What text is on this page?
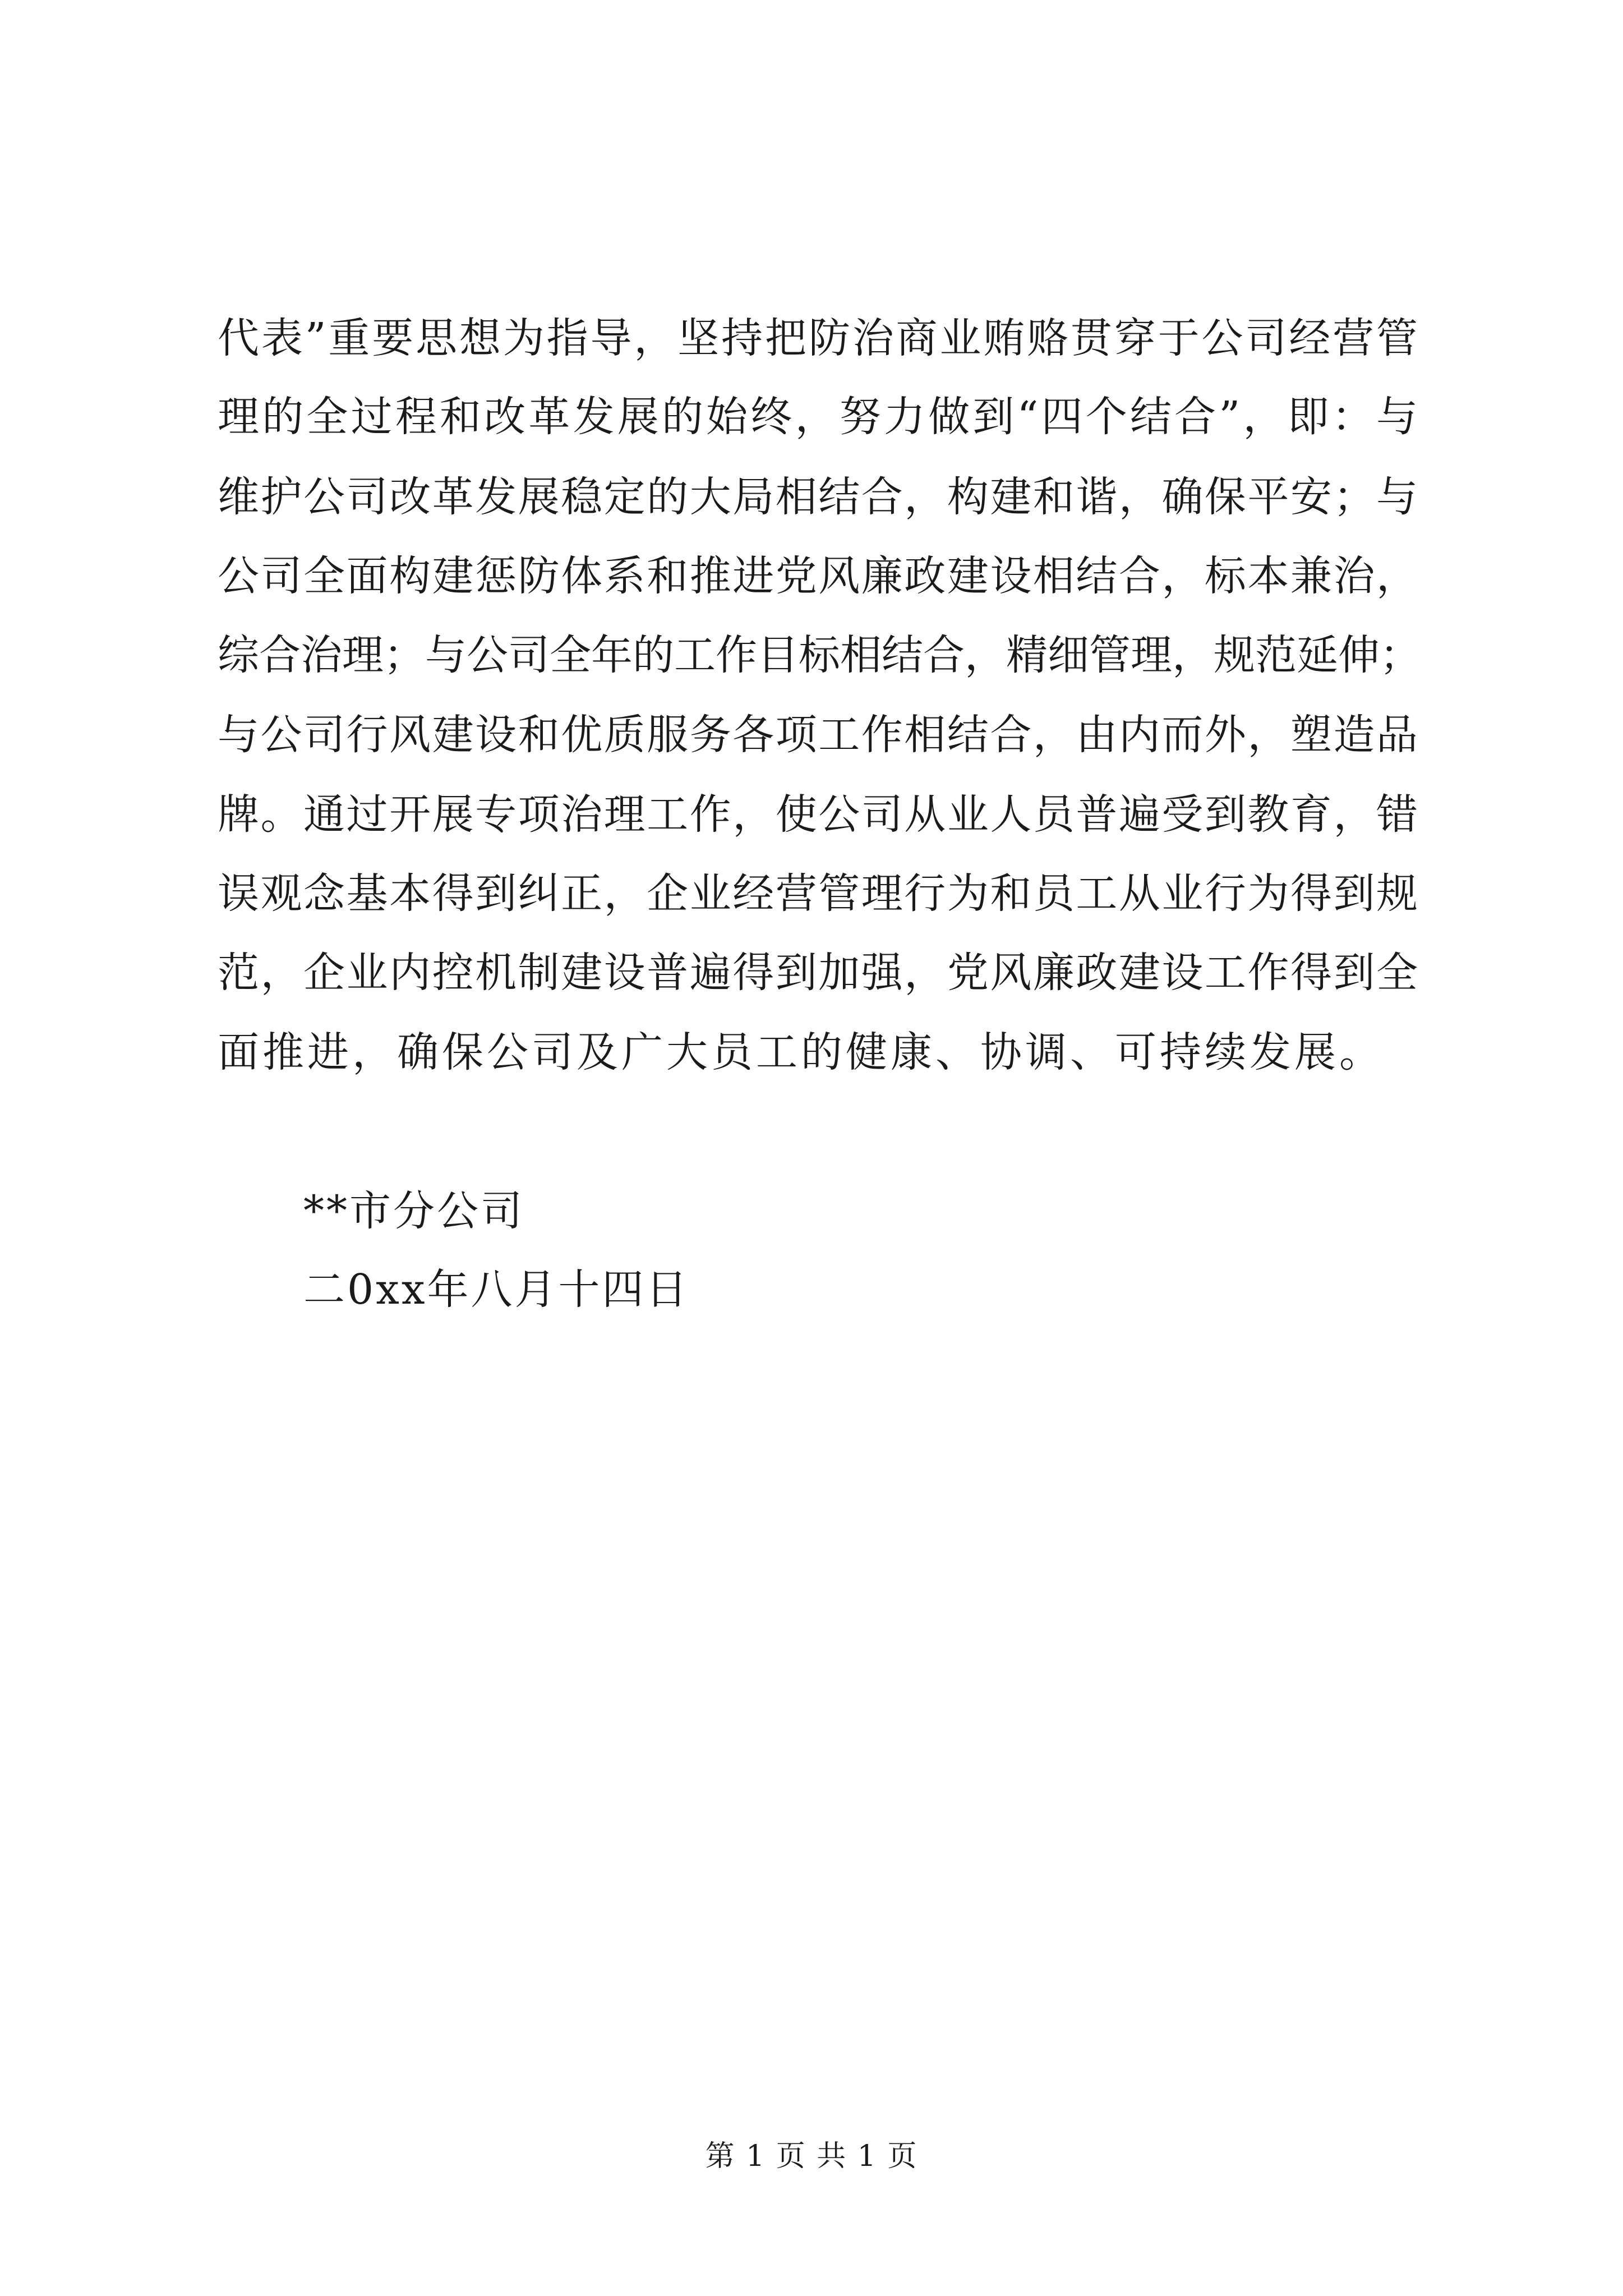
代表”重要思想为指导，坚持把防治商业贿赂贯穿于公司经营管
理的全过程和改革发展的始终，努力做到“四个结合”，即：与
维护公司改革发展稳定的大局相结合，构建和谐，确保平安；与
公司全面构建惩防体系和推进党风廉政建设相结合，标本兼治，
综合治理；与公司全年的工作目标相结合，精细管理，规范延伸；
与公司行风建设和优质服务各项工作相结合，由内而外，塑造品
牌。通过开展专项治理工作，使公司从业人员普遍受到教育，错
误观念基本得到纠正，企业经营管理行为和员工从业行为得到规
范，企业内控机制建设普遍得到加强，党风廉政建设工作得到全
面推进，确保公司及广大员工的健康、协调、可持续发展。
**市分公司
二0xx年八月十四日
第 1 页 共 1 页
